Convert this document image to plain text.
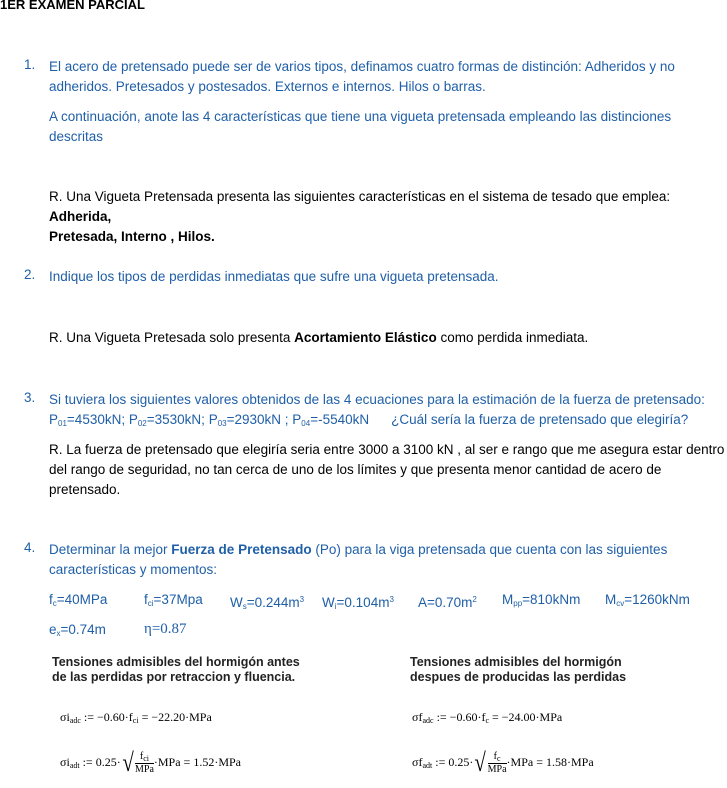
1ER EXAMEN PARCIAL
1. El acero de pretensado puede ser de varios tipos, definamos cuatro formas de distinción: Adheridos y no
adheridos. Pretesados y postesados. Externos e internos. Hilos o barras.
A continuación, anote las 4 características que tiene una vigueta pretensada empleando las distinciones
descritas
R. Una Vigueta Pretensada presenta las siguientes características en el sistema de tesado que emplea: Adherida,
Pretesada, Interno , Hilos.
2. Indique los tipos de perdidas inmediatas que sufre una vigueta pretensada.
R. Una Vigueta Pretesada solo presenta Acortamiento Elástico como perdida inmediata.
3. Si tuviera los siguientes valores obtenidos de las 4 ecuaciones para la estimación de la fuerza de pretensado:
$P_{01}=4530kN$; $P_{02}=3530kN$; $P_{03}=2930kN$ ; $P_{04}=-5540kN$ ¿Cuál sería la fuerza de pretensado que elegiría?
R. La fuerza de pretensado que elegiría seria entre 3000 a 3100 kN , al ser e rango que me asegura estar dentro
del rango de seguridad, no tan cerca de uno de los límites y que presenta menor cantidad de acero de
pretensado.
4. Determinar la mejor Fuerza de Pretensado (Po) para la viga pretensada que cuenta con las siguientes
características y momentos:
$f_c=40MPa$	$f_{ci}=37Mpa$ $W_s=0.244m^3$ $W_i=0.104m^3$ $A=0.70m^2$ $M_{pp}=810kNm$ $M_{cv}=1260kNm$
$e_x=0.74m$	η=0.87
Tensiones admisibles del hormigón antes
de las perdidas por retraccion y fluencia.
Tensiones admisibles del hormigón
despues de producidas las perdidas
$\sigma i_{adc}$ := $-0.60\cdot f_{ci} = -22.20\cdot MPa$	$\sigma f_{adc}$ := $-0.60\cdot f_c = -24.00\cdot MPa$
$\sigma i_{adt}$ := $0.25\cdot√ \frac{f_{ci}}{\text{MPa}} \cdot MPa = 1.52\cdot MPa$	$\sigma f_{adt}$ := $0.25\cdot√ \frac{f_c}{\text{MPa}} \cdot MPa = 1.58\cdot MPa$
